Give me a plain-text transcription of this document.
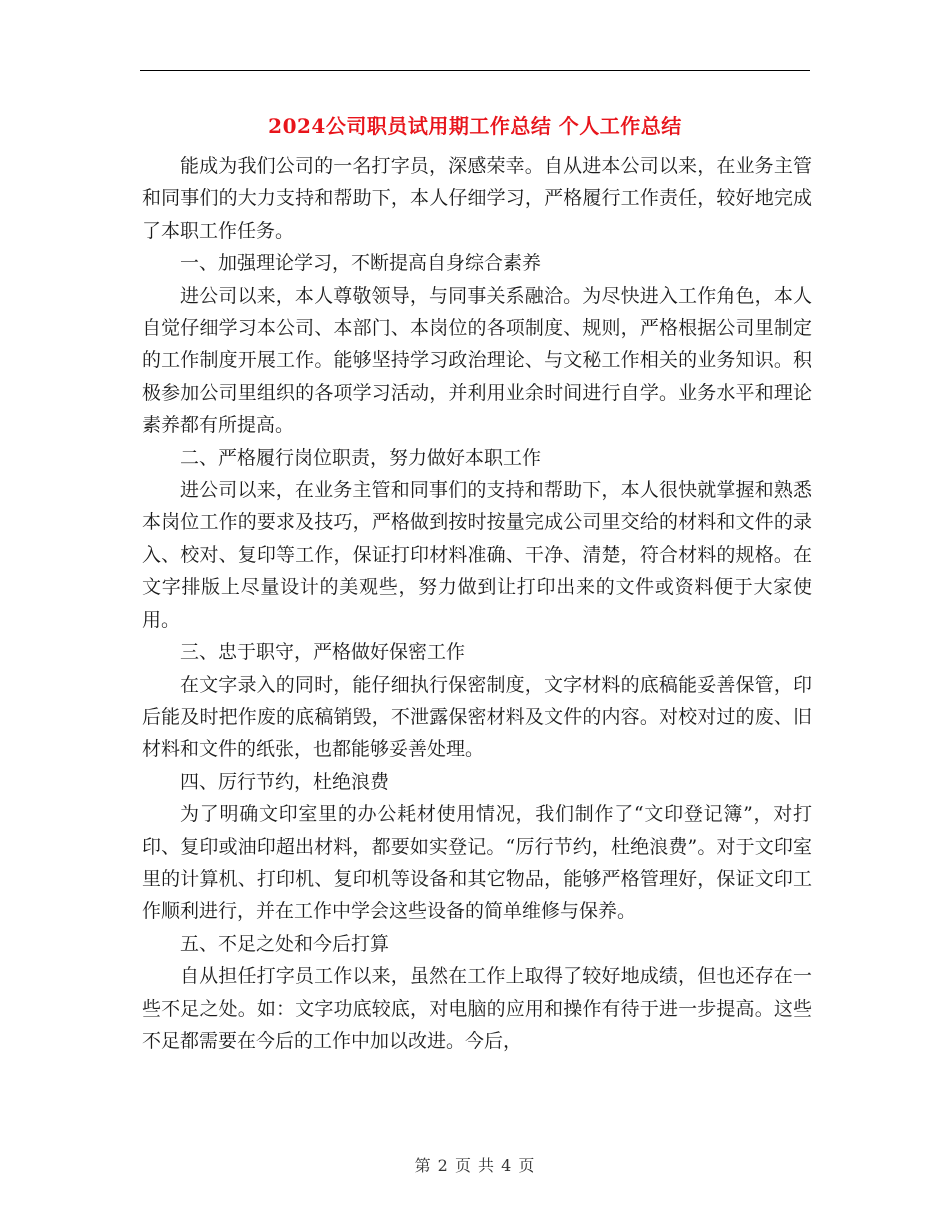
2024公司职员试用期工作总结 个人工作总结

能成为我们公司的一名打字员，深感荣幸。自从进本公司以来，在业务主管和同事们的大力支持和帮助下，本人仔细学习，严格履行工作责任，较好地完成了本职工作任务。

一、加强理论学习，不断提高自身综合素养

进公司以来，本人尊敬领导，与同事关系融洽。为尽快进入工作角色，本人自觉仔细学习本公司、本部门、本岗位的各项制度、规则，严格根据公司里制定的工作制度开展工作。能够坚持学习政治理论、与文秘工作相关的业务知识。积极参加公司里组织的各项学习活动，并利用业余时间进行自学。业务水平和理论素养都有所提高。

二、严格履行岗位职责，努力做好本职工作

进公司以来，在业务主管和同事们的支持和帮助下，本人很快就掌握和熟悉本岗位工作的要求及技巧，严格做到按时按量完成公司里交给的材料和文件的录入、校对、复印等工作，保证打印材料准确、干净、清楚，符合材料的规格。在文字排版上尽量设计的美观些，努力做到让打印出来的文件或资料便于大家使用。

三、忠于职守，严格做好保密工作

在文字录入的同时，能仔细执行保密制度，文字材料的底稿能妥善保管，印后能及时把作废的底稿销毁，不泄露保密材料及文件的内容。对校对过的废、旧材料和文件的纸张，也都能够妥善处理。

四、厉行节约，杜绝浪费

为了明确文印室里的办公耗材使用情况，我们制作了“文印登记簿”，对打印、复印或油印超出材料，都要如实登记。“厉行节约，杜绝浪费”。对于文印室里的计算机、打印机、复印机等设备和其它物品，能够严格管理好，保证文印工作顺利进行，并在工作中学会这些设备的简单维修与保养。

五、不足之处和今后打算

自从担任打字员工作以来，虽然在工作上取得了较好地成绩，但也还存在一些不足之处。如：文字功底较底，对电脑的应用和操作有待于进一步提高。这些不足都需要在今后的工作中加以改进。今后，

第 2 页 共 4 页
